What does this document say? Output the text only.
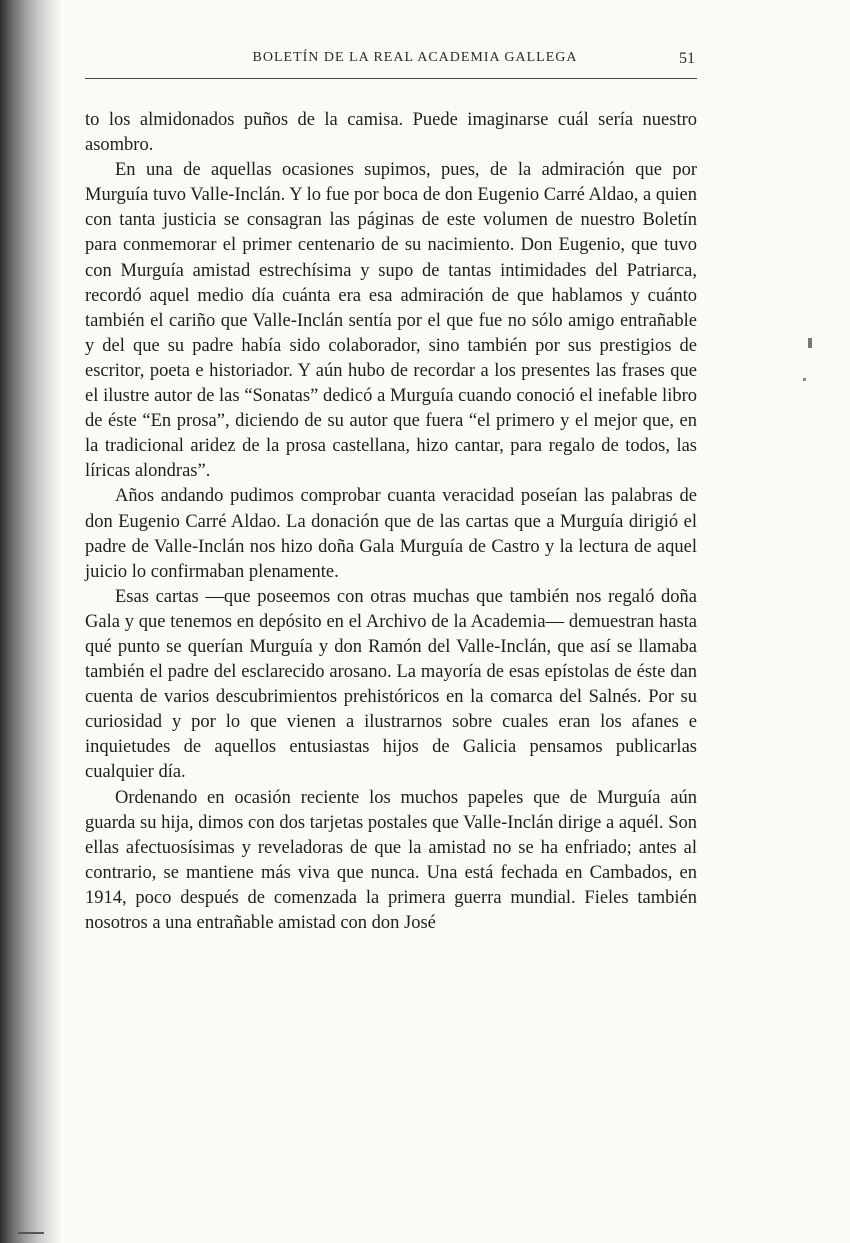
BOLETÍN DE LA REAL ACADEMIA GALLEGA	51

to los almidonados puños de la camisa. Puede imaginarse cuál sería nuestro asombro.

En una de aquellas ocasiones supimos, pues, de la admiración que por Murguía tuvo Valle-Inclán. Y lo fue por boca de don Eugenio Carré Aldao, a quien con tanta justicia se consagran las páginas de este volumen de nuestro Boletín para conmemorar el primer centenario de su nacimiento. Don Eugenio, que tuvo con Murguía amistad estrechísima y supo de tantas intimidades del Patriarca, recordó aquel medio día cuánta era esa admiración de que hablamos y cuánto también el cariño que Valle-Inclán sentía por el que fue no sólo amigo entrañable y del que su padre había sido colaborador, sino también por sus prestigios de escritor, poeta e historiador. Y aún hubo de recordar a los presentes las frases que el ilustre autor de las “Sonatas” dedicó a Murguía cuando conoció el inefable libro de éste “En prosa”, diciendo de su autor que fuera “el primero y el mejor que, en la tradicional aridez de la prosa castellana, hizo cantar, para regalo de todos, las líricas alondras”.

Años andando pudimos comprobar cuanta veracidad poseían las palabras de don Eugenio Carré Aldao. La donación que de las cartas que a Murguía dirigió el padre de Valle-Inclán nos hizo doña Gala Murguía de Castro y la lectura de aquel juicio lo confirmaban plenamente.

Esas cartas —que poseemos con otras muchas que también nos regaló doña Gala y que tenemos en depósito en el Archivo de la Academia— demuestran hasta qué punto se querían Murguía y don Ramón del Valle-Inclán, que así se llamaba también el padre del esclarecido arosano. La mayoría de esas epístolas de éste dan cuenta de varios descubrimientos prehistóricos en la comarca del Salnés. Por su curiosidad y por lo que vienen a ilustrarnos sobre cuales eran los afanes e inquietudes de aquellos entusiastas hijos de Galicia pensamos publicarlas cualquier día.

Ordenando en ocasión reciente los muchos papeles que de Murguía aún guarda su hija, dimos con dos tarjetas postales que Valle-Inclán dirige a aquél. Son ellas afectuosísimas y reveladoras de que la amistad no se ha enfriado; antes al contrario, se mantiene más viva que nunca. Una está fechada en Cambados, en 1914, poco después de comenzada la primera guerra mundial. Fieles también nosotros a una entrañable amistad con don José
